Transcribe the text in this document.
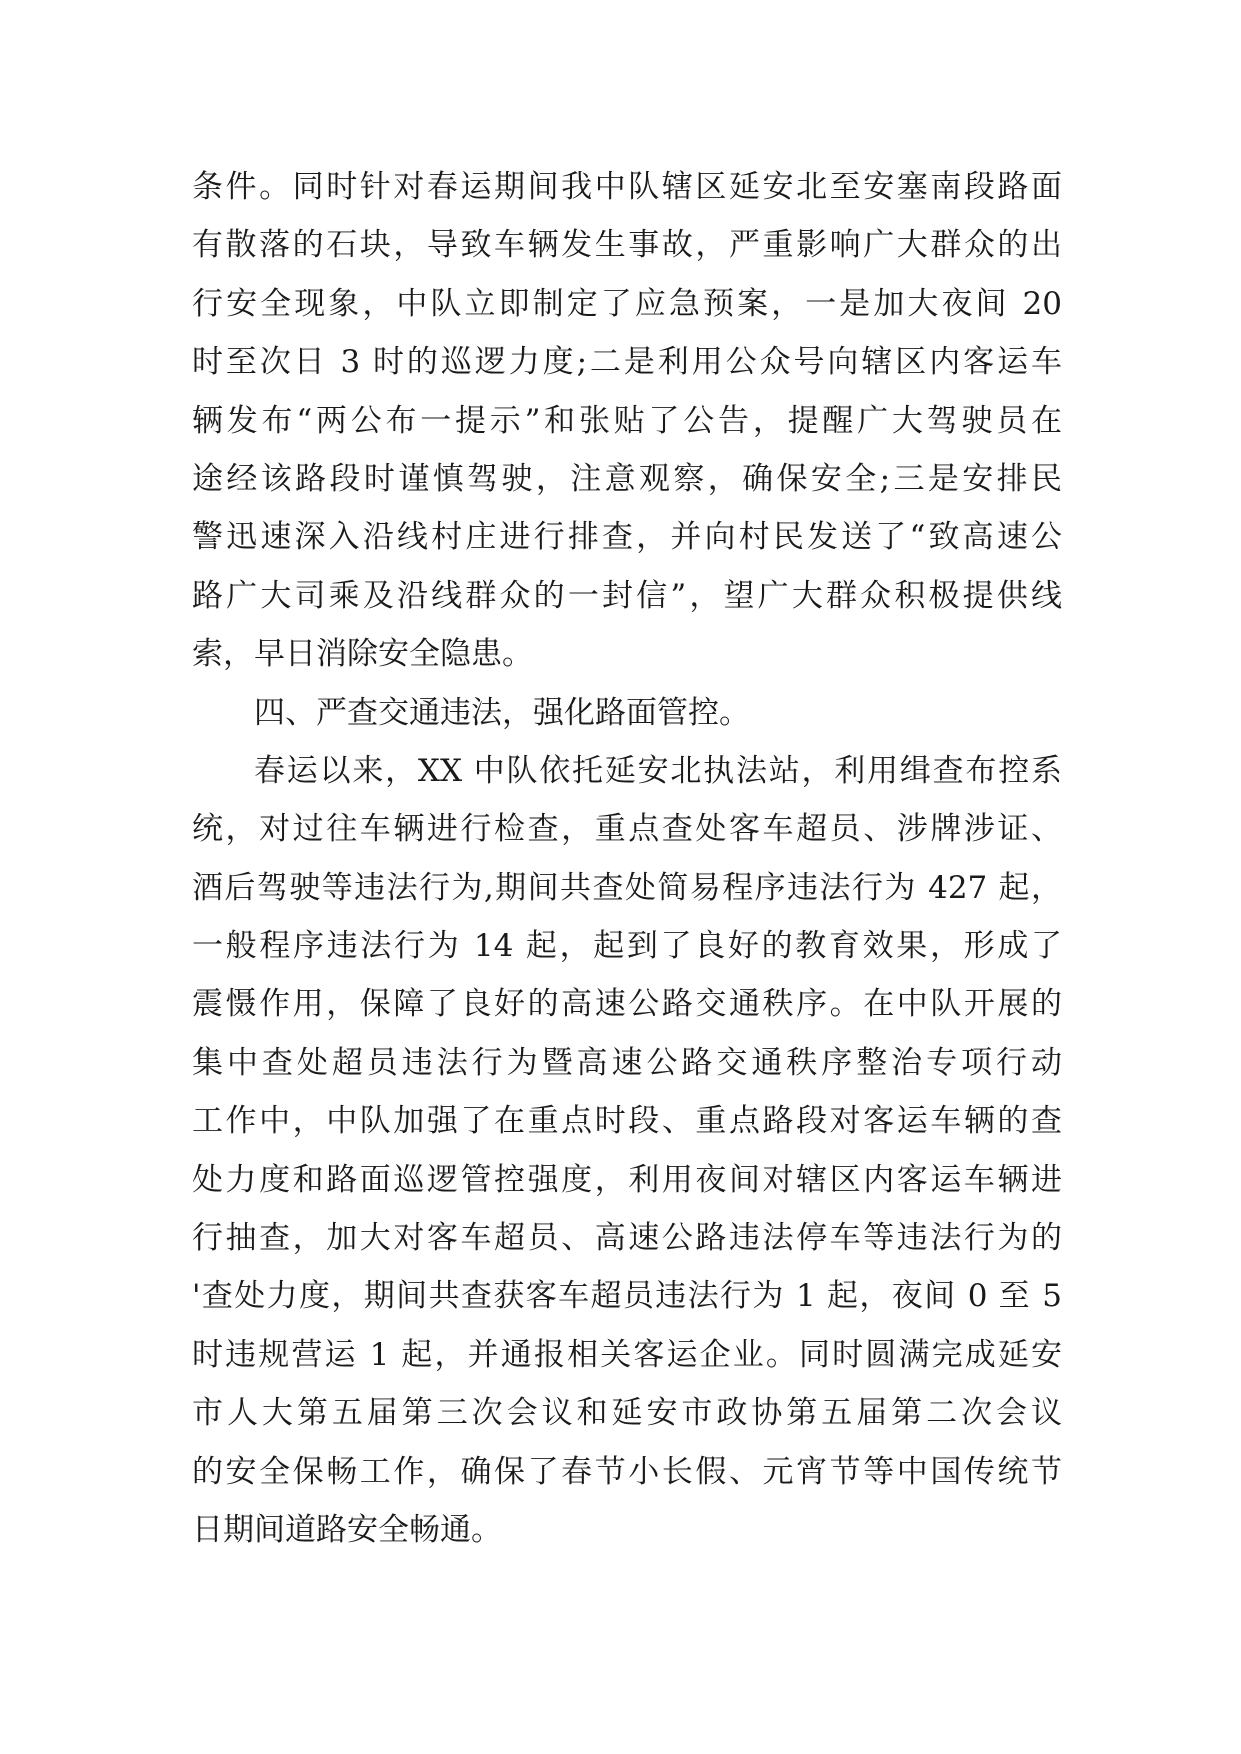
条件。同时针对春运期间我中队辖区延安北至安塞南段路面
有散落的石块，导致车辆发生事故，严重影响广大群众的出
行安全现象，中队立即制定了应急预案，一是加大夜间 20
时至次日 3 时的巡逻力度;二是利用公众号向辖区内客运车
辆发布“两公布一提示”和张贴了公告，提醒广大驾驶员在
途经该路段时谨慎驾驶，注意观察，确保安全;三是安排民
警迅速深入沿线村庄进行排查，并向村民发送了“致高速公
路广大司乘及沿线群众的一封信”，望广大群众积极提供线
索，早日消除安全隐患。
四、严查交通违法，强化路面管控。
春运以来，XX 中队依托延安北执法站，利用缉查布控系
统，对过往车辆进行检查，重点查处客车超员、涉牌涉证、
酒后驾驶等违法行为,期间共查处简易程序违法行为 427 起，
一般程序违法行为 14 起，起到了良好的教育效果，形成了
震慑作用，保障了良好的高速公路交通秩序。在中队开展的
集中查处超员违法行为暨高速公路交通秩序整治专项行动
工作中，中队加强了在重点时段、重点路段对客运车辆的查
处力度和路面巡逻管控强度，利用夜间对辖区内客运车辆进
行抽查，加大对客车超员、高速公路违法停车等违法行为的
'查处力度，期间共查获客车超员违法行为 1 起，夜间 0 至 5
时违规营运 1 起，并通报相关客运企业。同时圆满完成延安
市人大第五届第三次会议和延安市政协第五届第二次会议
的安全保畅工作，确保了春节小长假、元宵节等中国传统节
日期间道路安全畅通。
